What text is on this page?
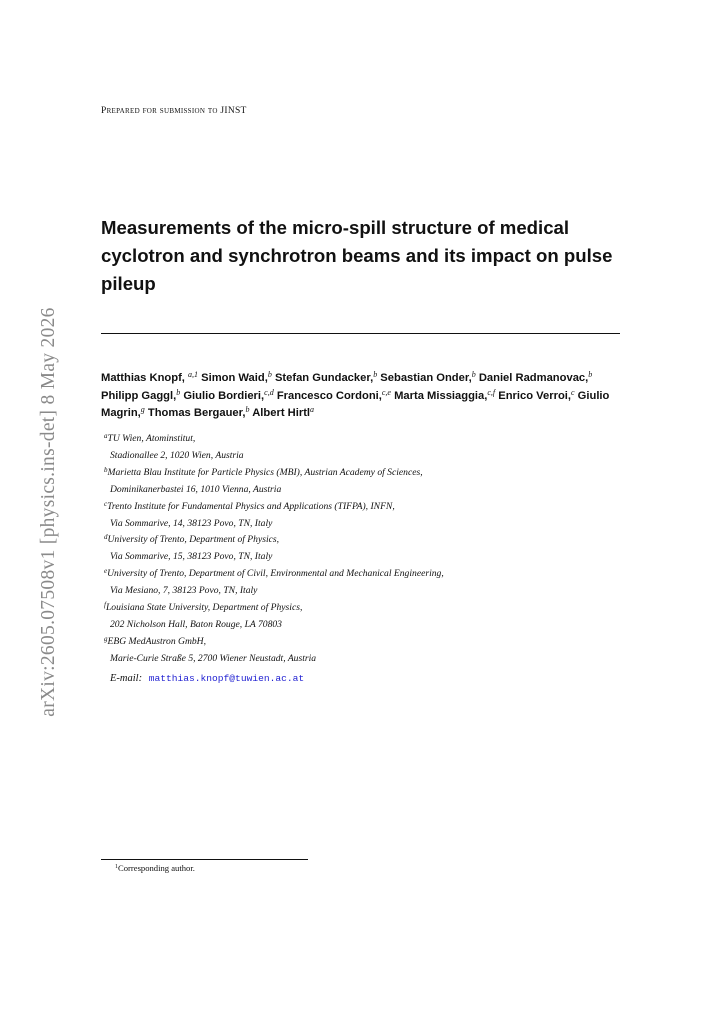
arXiv:2605.07508v1 [physics.ins-det] 8 May 2026
Prepared for submission to JINST
Measurements of the micro-spill structure of medical cyclotron and synchrotron beams and its impact on pulse pileup
Matthias Knopf, $^{a,1}$ Simon Waid,$^b$ Stefan Gundacker,$^b$ Sebastian Onder,$^b$ Daniel Radmanovac,$^b$ Philipp Gaggl,$^b$ Giulio Bordieri,$^{c,d}$ Francesco Cordoni,$^{c,e}$ Marta Missiaggia,$^{c,f}$ Enrico Verroi,$^c$ Giulio Magrin,$^g$ Thomas Bergauer,$^b$ Albert Hirtl$^a$
$^a$TU Wien, Atominstitut,
Stadionallee 2, 1020 Wien, Austria
$^b$Marietta Blau Institute for Particle Physics (MBI), Austrian Academy of Sciences,
Dominikanerbastei 16, 1010 Vienna, Austria
$^c$Trento Institute for Fundamental Physics and Applications (TIFPA), INFN,
Via Sommarive, 14, 38123 Povo, TN, Italy
$^d$University of Trento, Department of Physics,
Via Sommarive, 15, 38123 Povo, TN, Italy
$^e$University of Trento, Department of Civil, Environmental and Mechanical Engineering,
Via Mesiano, 7, 38123 Povo, TN, Italy
$^f$Louisiana State University, Department of Physics,
202 Nicholson Hall, Baton Rouge, LA 70803
$^g$EBG MedAustron GmbH,
Marie-Curie Straße 5, 2700 Wiener Neustadt, Austria
E-mail: matthias.knopf@tuwien.ac.at
$^1$Corresponding author.
